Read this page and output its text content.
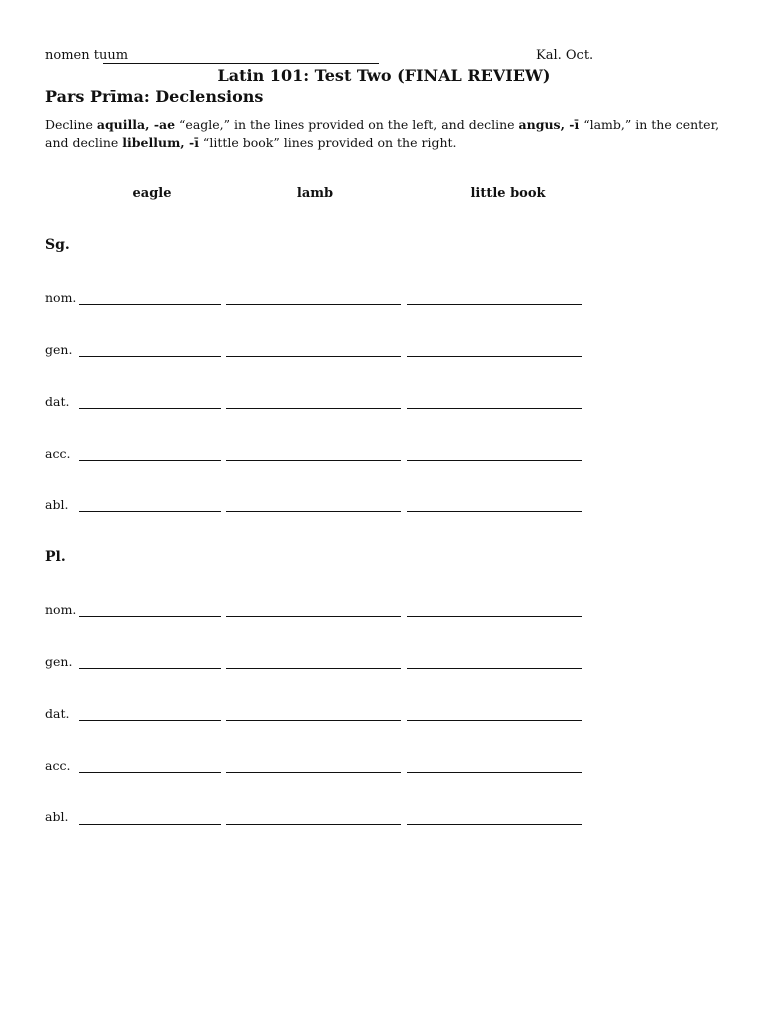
nomen tuum	Kal. Oct.
Latin 101: Test Two (FINAL REVIEW)
Pars Prīma: Declensions
Decline aquilla, -ae “eagle,” in the lines provided on the left, and decline angus, -ī “lamb,” in the center, and decline libellum, -ī “little book” lines provided on the right.
eagle	lamb	little book
Sg.
nom.
gen.
dat.
acc.
abl.
Pl.
nom.
gen.
dat.
acc.
abl.
